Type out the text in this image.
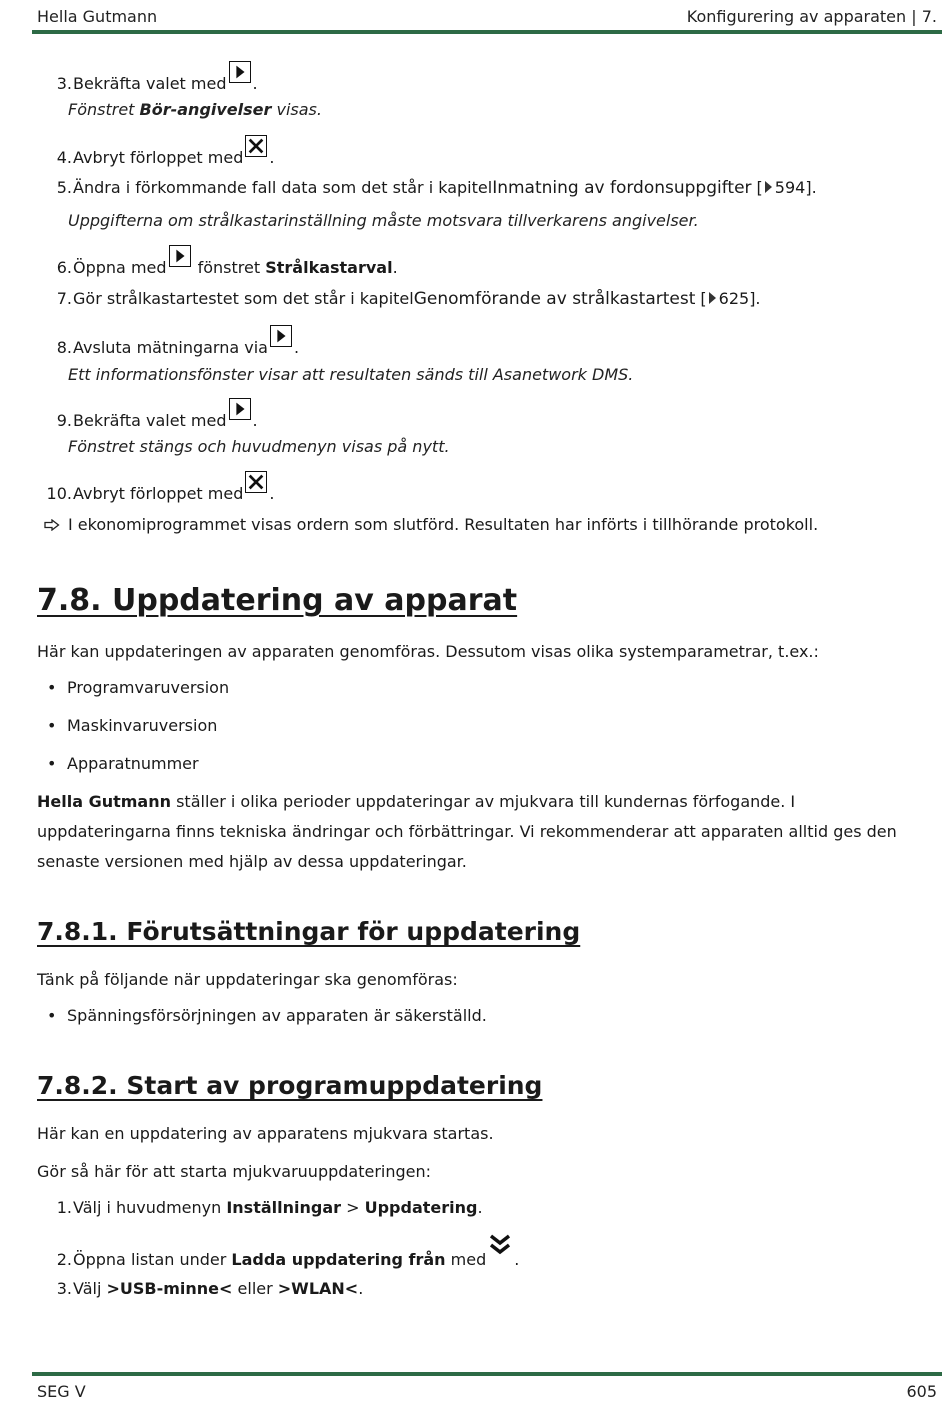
Hella Gutmann	Konfigurering av apparaten | 7.
3. Bekräfta valet med .
Fönstret Bör-angivelser visas.
4. Avbryt förloppet med .
5. Ändra i förkommande fall data som det står i kapitel Inmatning av fordonsuppgifter [ 594 ].
Uppgifterna om strålkastarinställning måste motsvara tillverkarens angivelser.
6. Öppna med fönstret Strålkastarval .
7. Gör strålkastartestet som det står i kapitel Genomförande av strålkastartest [ 625 ].
8. Avsluta mätningarna via .
Ett informationsfönster visar att resultaten sänds till Asanetwork DMS.
9. Bekräfta valet med .
Fönstret stängs och huvudmenyn visas på nytt.
10. Avbryt förloppet med .
I ekonomiprogrammet visas ordern som slutförd. Resultaten har införts i tillhörande protokoll.
7.8. Uppdatering av apparat
Här kan uppdateringen av apparaten genomföras. Dessutom visas olika systemparametrar, t.ex.:
• Programvaruversion
• Maskinvaruversion
• Apparatnummer
Hella Gutmann ställer i olika perioder uppdateringar av mjukvara till kundernas förfogande. I uppdateringarna finns tekniska ändringar och förbättringar. Vi rekommenderar att apparaten alltid ges den senaste versionen med hjälp av dessa uppdateringar.
7.8.1. Förutsättningar för uppdatering
Tänk på följande när uppdateringar ska genomföras:
• Spänningsförsörjningen av apparaten är säkerställd.
7.8.2. Start av programuppdatering
Här kan en uppdatering av apparatens mjukvara startas.
Gör så här för att starta mjukvaruuppdateringen:
1. Välj i huvudmenyn Inställningar > Uppdatering .
2. Öppna listan under Ladda uppdatering från med .
3. Välj >USB-minne< eller >WLAN< .
SEG V	605
